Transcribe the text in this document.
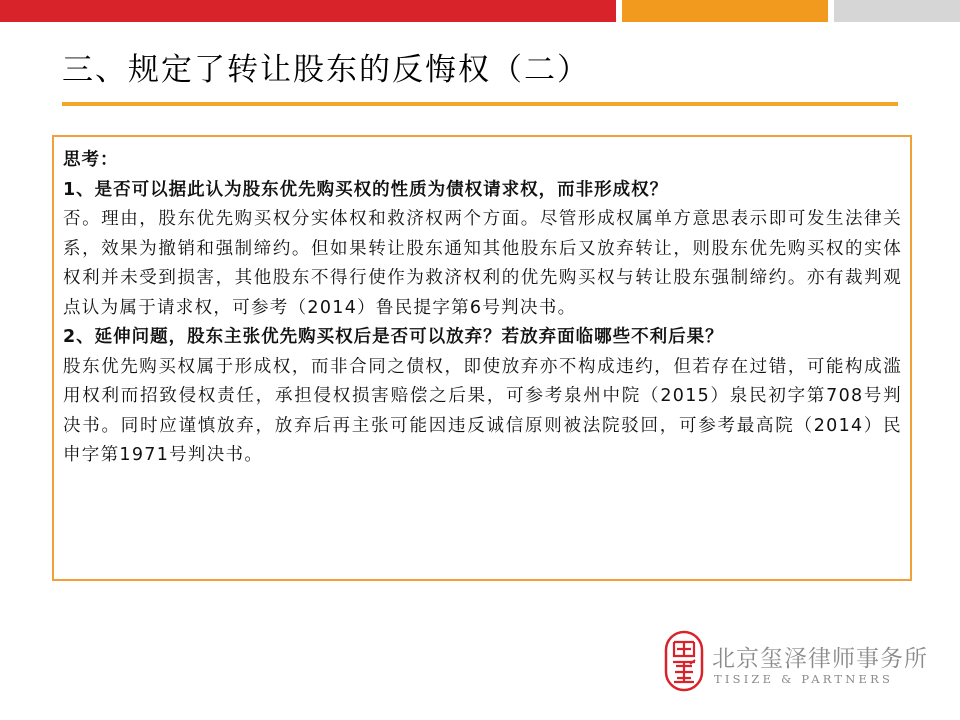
三、规定了转让股东的反悔权（二）
思考：
1、是否可以据此认为股东优先购买权的性质为债权请求权，而非形成权？
否。理由，股东优先购买权分实体权和救济权两个方面。尽管形成权属单方意思表示即可发生法律关系，效果为撤销和强制缔约。但如果转让股东通知其他股东后又放弃转让，则股东优先购买权的实体权利并未受到损害，其他股东不得行使作为救济权利的优先购买权与转让股东强制缔约。亦有裁判观点认为属于请求权，可参考（2014）鲁民提字第6号判决书。
2、延伸问题，股东主张优先购买权后是否可以放弃？若放弃面临哪些不利后果？
股东优先购买权属于形成权，而非合同之债权，即使放弃亦不构成违约，但若存在过错，可能构成滥用权利而招致侵权责任，承担侵权损害赔偿之后果，可参考泉州中院（2015）泉民初字第708号判决书。同时应谨慎放弃，放弃后再主张可能因违反诚信原则被法院驳回，可参考最高院（2014）民申字第1971号判决书。
北京玺泽律师事务所
TISIZE & PARTNERS
